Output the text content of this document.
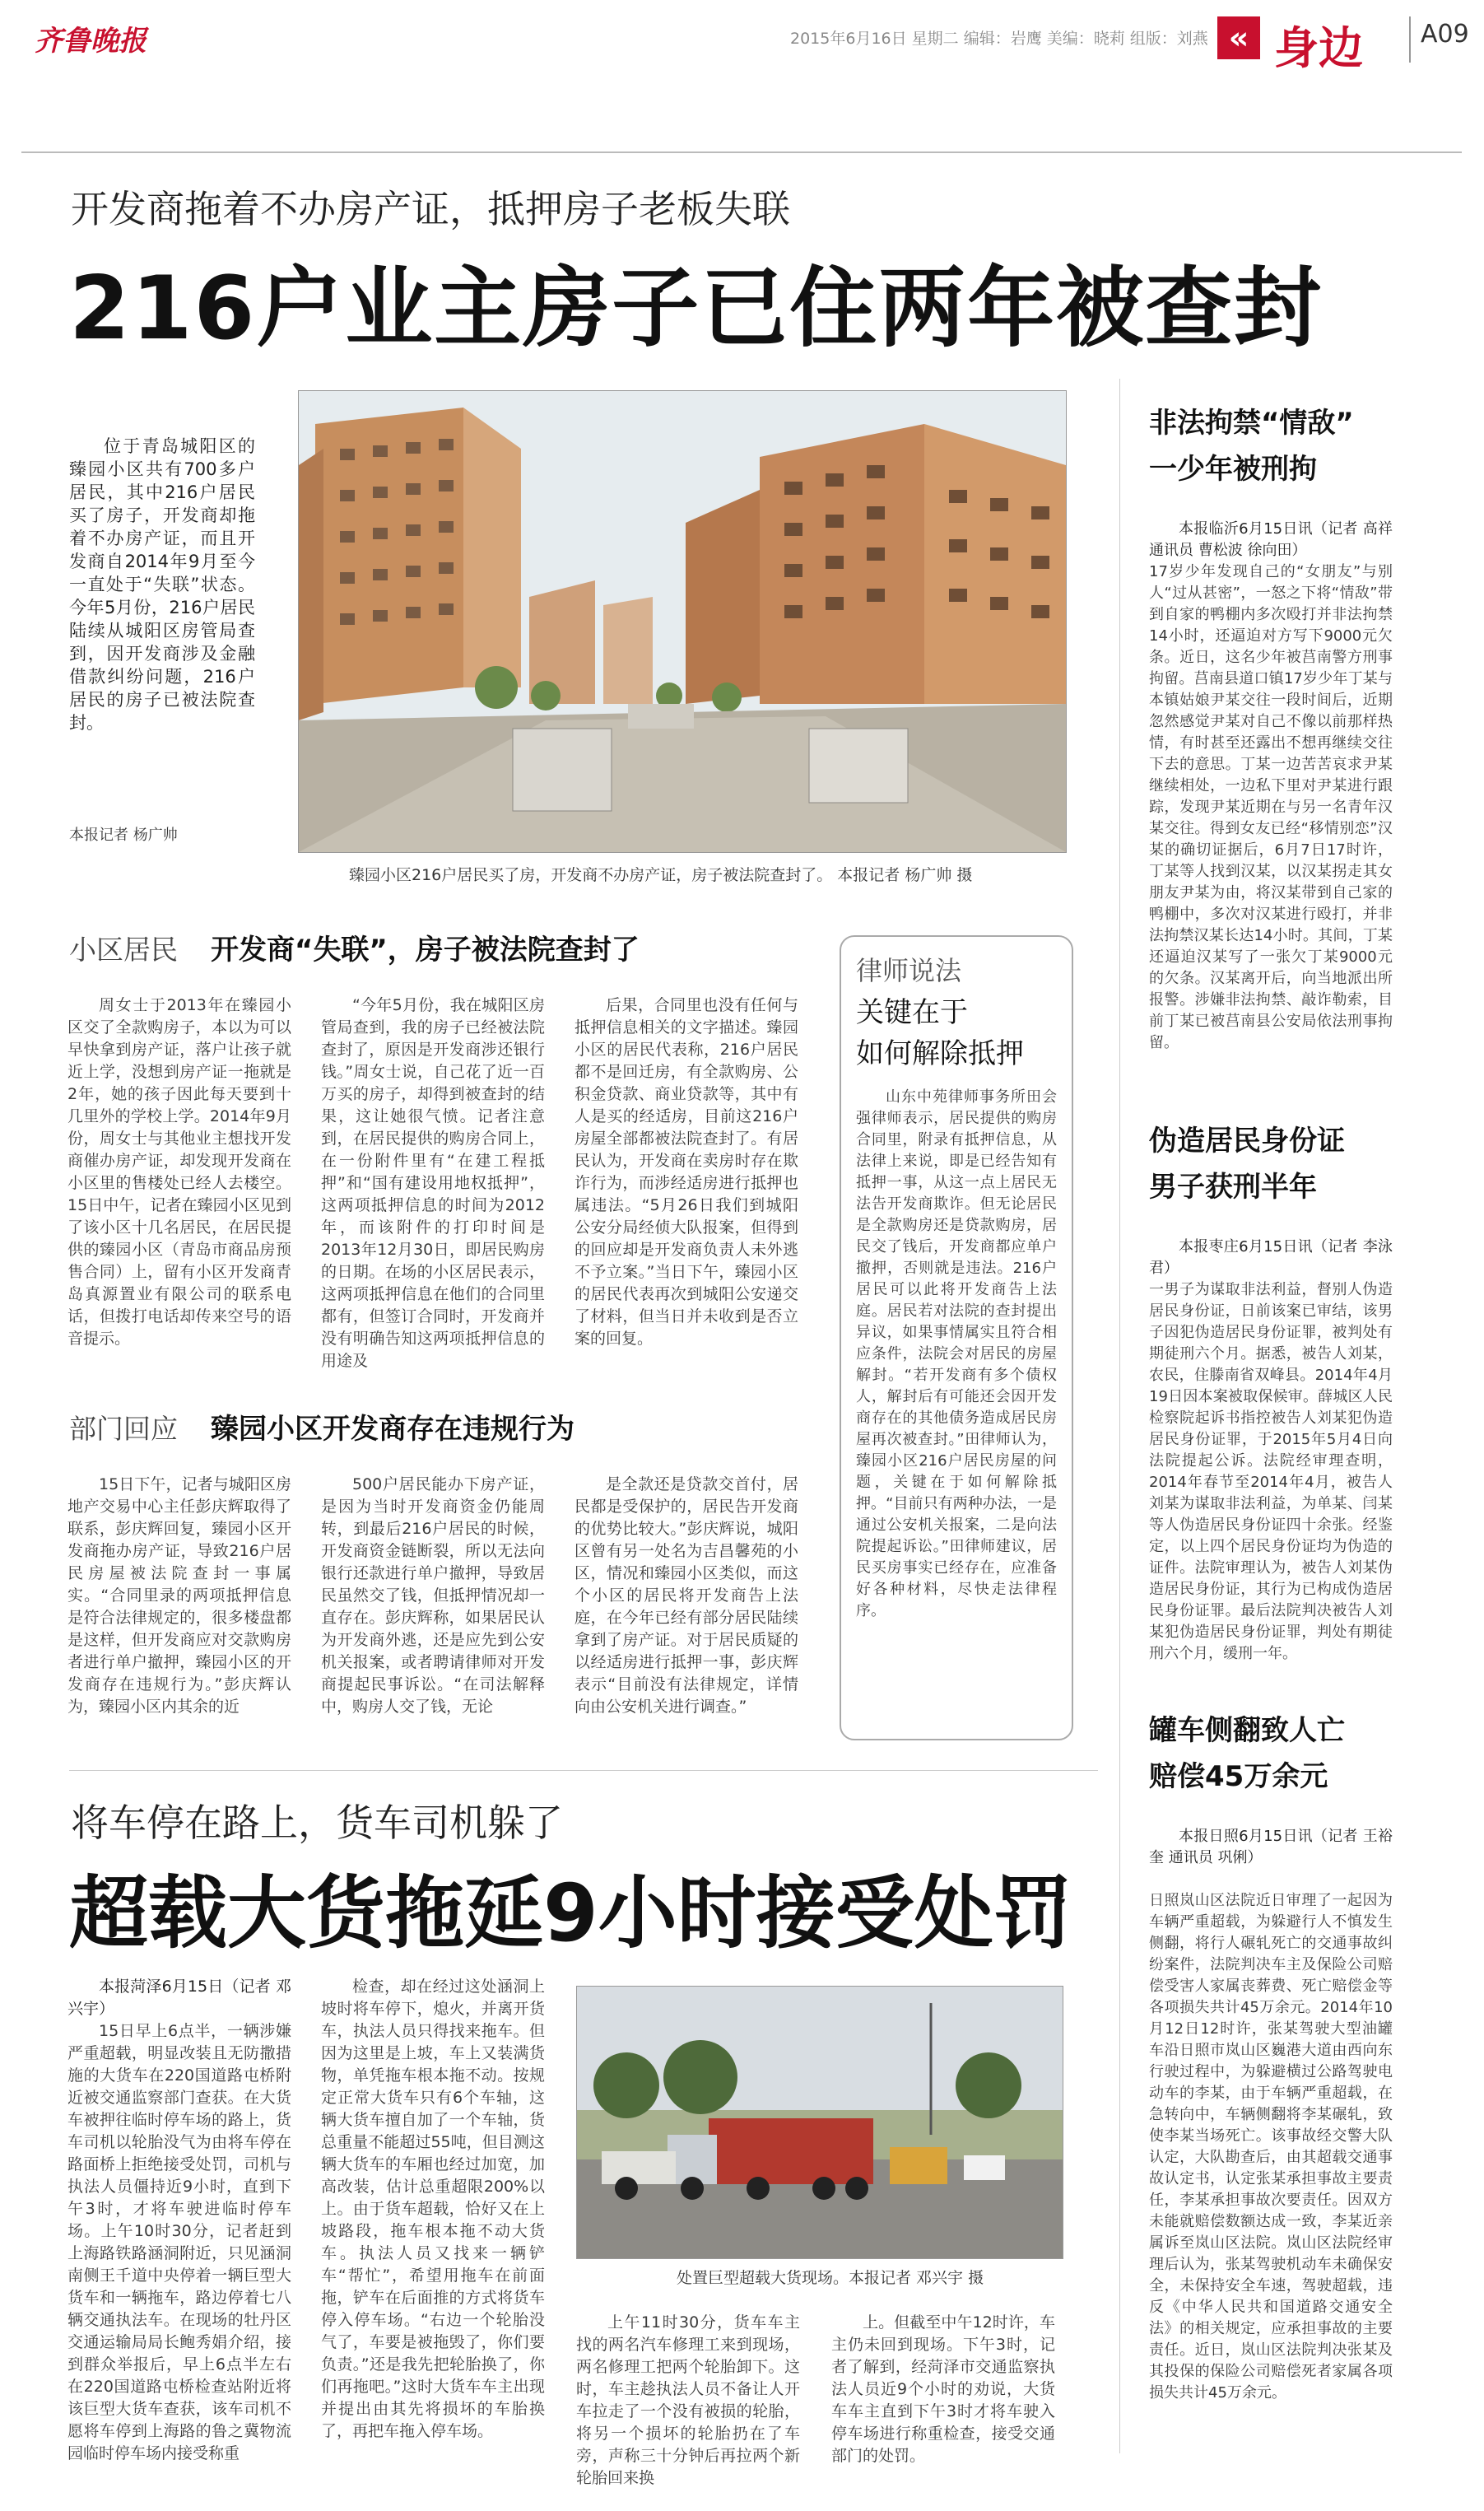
齐鲁晚报	2015年6月16日 星期二 编辑：岩鹰 美编：晓莉 组版：刘燕 « 身边 A09
开发商拖着不办房产证，抵押房子老板失联
216户业主房子已住两年被查封

位于青岛城阳区的臻园小区共有700多户居民，其中216户居民买了房子，开发商却拖着不办房产证，而且开发商自2014年9月至今一直处于“失联”状态。今年5月份，216户居民陆续从城阳区房管局查到，因开发商涉及金融借款纠纷问题，216户居民的房子已被法院查封。

本报记者 杨广帅
臻园小区216户居民买了房，开发商不办房产证，房子被法院查封了。 本报记者 杨广帅 摄
小区居民 开发商“失联”，房子被法院查封了

周女士于2013年在臻园小区交了全款购房子，本以为可以早快拿到房产证，落户让孩子就近上学，没想到房产证一拖就是2年，她的孩子因此每天要到十几里外的学校上学。2014年9月份，周女士与其他业主想找开发商催办房产证，却发现开发商在小区里的售楼处已经人去楼空。15日中午，记者在臻园小区见到了该小区十几名居民，在居民提供的臻园小区（青岛市商品房预售合同）上，留有小区开发商青岛真源置业有限公司的联系电话，但拨打电话却传来空号的语音提示。

“今年5月份，我在城阳区房管局查到，我的房子已经被法院查封了，原因是开发商涉还银行钱。”周女士说，自己花了近一百万买的房子，却得到被查封的结果，这让她很气愤。记者注意到，在居民提供的购房合同上，在一份附件里有“在建工程抵押”和“国有建设用地权抵押”，这两项抵押信息的时间为2012年，而该附件的打印时间是2013年12月30日，即居民购房的日期。在场的小区居民表示，这两项抵押信息在他们的合同里都有，但签订合同时，开发商并没有明确告知这两项抵押信息的用途及

后果，合同里也没有任何与抵押信息相关的文字描述。臻园小区的居民代表称，216户居民都不是回迁房，有全款购房、公积金贷款、商业贷款等，其中有人是买的经适房，目前这216户房屋全部都被法院查封了。有居民认为，开发商在卖房时存在欺诈行为，而涉经适房进行抵押也属违法。“5月26日我们到城阳公安分局经侦大队报案，但得到的回应却是开发商负责人未外逃不予立案。”当日下午，臻园小区的居民代表再次到城阳公安递交了材料，但当日并未收到是否立案的回复。

部门回应 臻园小区开发商存在违规行为

15日下午，记者与城阳区房地产交易中心主任彭庆辉取得了联系，彭庆辉回复，臻园小区开发商拖办房产证，导致216户居民房屋被法院查封一事属实。“合同里录的两项抵押信息是符合法律规定的，很多楼盘都是这样，但开发商应对交款购房者进行单户撤押，臻园小区的开发商存在违规行为。”彭庆辉认为，臻园小区内其余的近

500户居民能办下房产证，是因为当时开发商资金仍能周转，到最后216户居民的时候，开发商资金链断裂，所以无法向银行还款进行单户撤押，导致居民虽然交了钱，但抵押情况却一直存在。彭庆辉称，如果居民认为开发商外逃，还是应先到公安机关报案，或者聘请律师对开发商提起民事诉讼。“在司法解释中，购房人交了钱，无论

是全款还是贷款交首付，居民都是受保护的，居民告开发商的优势比较大。”彭庆辉说，城阳区曾有另一处名为吉昌馨苑的小区，情况和臻园小区类似，而这个小区的居民将开发商告上法庭，在今年已经有部分居民陆续拿到了房产证。对于居民质疑的以经适房进行抵押一事，彭庆辉表示“目前没有法律规定，详情向由公安机关进行调查。”

律师说法
关键在于
如何解除抵押

山东中苑律师事务所田会强律师表示，居民提供的购房合同里，附录有抵押信息，从法律上来说，即是已经告知有抵押一事，从这一点上居民无法告开发商欺诈。但无论居民是全款购房还是贷款购房，居民交了钱后，开发商都应单户撤押，否则就是违法。216户居民可以此将开发商告上法庭。居民若对法院的查封提出异议，如果事情属实且符合相应条件，法院会对居民的房屋解封。“若开发商有多个债权人，解封后有可能还会因开发商存在的其他债务造成居民房屋再次被查封。”田律师认为，臻园小区216户居民房屋的问题，关键在于如何解除抵押。“目前只有两种办法，一是通过公安机关报案，二是向法院提起诉讼。”田律师建议，居民买房事实已经存在，应准备好各种材料，尽快走法律程序。

非法拘禁“情敌”
一少年被刑拘

本报临沂6月15日讯（记者 高祥 通讯员 曹松波 徐向田）

17岁少年发现自己的“女朋友”与别人“过从甚密”，一怒之下将“情敌”带到自家的鸭棚内多次殴打并非法拘禁14小时，还逼迫对方写下9000元欠条。近日，这名少年被莒南警方刑事拘留。莒南县道口镇17岁少年丁某与本镇姑娘尹某交往一段时间后，近期忽然感觉尹某对自己不像以前那样热情，有时甚至还露出不想再继续交往下去的意思。丁某一边苦苦哀求尹某继续相处，一边私下里对尹某进行跟踪，发现尹某近期在与另一名青年汉某交往。得到女友已经“移情别恋”汉某的确切证据后，6月7日17时许，丁某等人找到汉某，以汉某拐走其女朋友尹某为由，将汉某带到自己家的鸭棚中，多次对汉某进行殴打，并非法拘禁汉某长达14小时。其间，丁某还逼迫汉某写了一张欠丁某9000元的欠条。汉某离开后，向当地派出所报警。涉嫌非法拘禁、敲诈勒索，目前丁某已被莒南县公安局依法刑事拘留。

伪造居民身份证
男子获刑半年

本报枣庄6月15日讯（记者 李泳君）

一男子为谋取非法利益，督别人伪造居民身份证，日前该案已审结，该男子因犯伪造居民身份证罪，被判处有期徒刑六个月。据悉，被告人刘某，农民，住滕南省双峰县。2014年4月19日因本案被取保候审。薛城区人民检察院起诉书指控被告人刘某犯伪造居民身份证罪，于2015年5月4日向法院提起公诉。法院经审理查明，2014年春节至2014年4月，被告人刘某为谋取非法利益，为单某、闫某等人伪造居民身份证四十余张。经鉴定，以上四个居民身份证均为伪造的证件。法院审理认为，被告人刘某伪造居民身份证，其行为已构成伪造居民身份证罪。最后法院判决被告人刘某犯伪造居民身份证罪，判处有期徒刑六个月，缓刑一年。

罐车侧翻致人亡
赔偿45万余元

本报日照6月15日讯（记者 王裕奎 通讯员 巩俐）

日照岚山区法院近日审理了一起因为车辆严重超载，为躲避行人不慎发生侧翻，将行人碾轧死亡的交通事故纠纷案件，法院判决车主及保险公司赔偿受害人家属丧葬费、死亡赔偿金等各项损失共计45万余元。2014年10月12日12时许，张某驾驶大型油罐车沿日照市岚山区巍港大道由西向东行驶过程中，为躲避横过公路驾驶电动车的李某，由于车辆严重超载，在急转向中，车辆侧翻将李某碾轧，致使李某当场死亡。该事故经交警大队认定，大队勘查后，由其超载交通事故认定书，认定张某承担事故主要责任，李某承担事故次要责任。因双方未能就赔偿数额达成一致，李某近亲属诉至岚山区法院。岚山区法院经审理后认为，张某驾驶机动车未确保安全，未保持安全车速，驾驶超载，违反《中华人民共和国道路交通安全法》的相关规定，应承担事故的主要责任。近日，岚山区法院判决张某及其投保的保险公司赔偿死者家属各项损失共计45万余元。

将车停在路上，货车司机躲了
超载大货拖延9小时接受处罚

本报菏泽6月15日（记者 邓兴宇）

15日早上6点半，一辆涉嫌严重超载，明显改装且无防撒措施的大货车在220国道路屯桥附近被交通监察部门查获。在大货车被押往临时停车场的路上，货车司机以轮胎没气为由将车停在路面桥上拒绝接受处罚，司机与执法人员僵持近9小时，直到下午3时，才将车驶进临时停车场。上午10时30分，记者赶到上海路铁路涵洞附近，只见涵洞南侧王千道中央停着一辆巨型大货车和一辆拖车，路边停着七八辆交通执法车。在现场的牡丹区交通运输局局长鲍秀娟介绍，接到群众举报后，早上6点半左右在220国道路屯桥检查站附近将该巨型大货车查获，该车司机不愿将车停到上海路的鲁之冀物流园临时停车场内接受称重

检查，却在经过这处涵洞上坡时将车停下，熄火，并离开货车，执法人员只得找来拖车。但因为这里是上坡，车上又装满货物，单凭拖车根本拖不动。按规定正常大货车只有6个车轴，这辆大货车擅自加了一个车轴，货总重量不能超过55吨，但目测这辆大货车的车厢也经过加宽，加高改装，估计总重超限200%以上。由于货车超载，恰好又在上坡路段，拖车根本拖不动大货车。执法人员又找来一辆铲车“帮忙”，希望用拖车在前面拖，铲车在后面推的方式将货车停入停车场。“右边一个轮胎没气了，车要是被拖毁了，你们要负责。”还是我先把轮胎换了，你们再拖吧。”这时大货车车主出现并提出由其先将损坏的车胎换了，再把车拖入停车场。

处置巨型超载大货现场。本报记者 邓兴宇 摄

上午11时30分，货车车主找的两名汽车修理工来到现场，两名修理工把两个轮胎卸下。这时，车主趁执法人员不备让人开车拉走了一个没有被损的轮胎，将另一个损坏的轮胎扔在了车旁，声称三十分钟后再拉两个新轮胎回来换

上。但截至中午12时许，车主仍未回到现场。下午3时，记者了解到，经菏泽市交通监察执法人员近9个小时的劝说，大货车车主直到下午3时才将车驶入停车场进行称重检查，接受交通部门的处罚。
